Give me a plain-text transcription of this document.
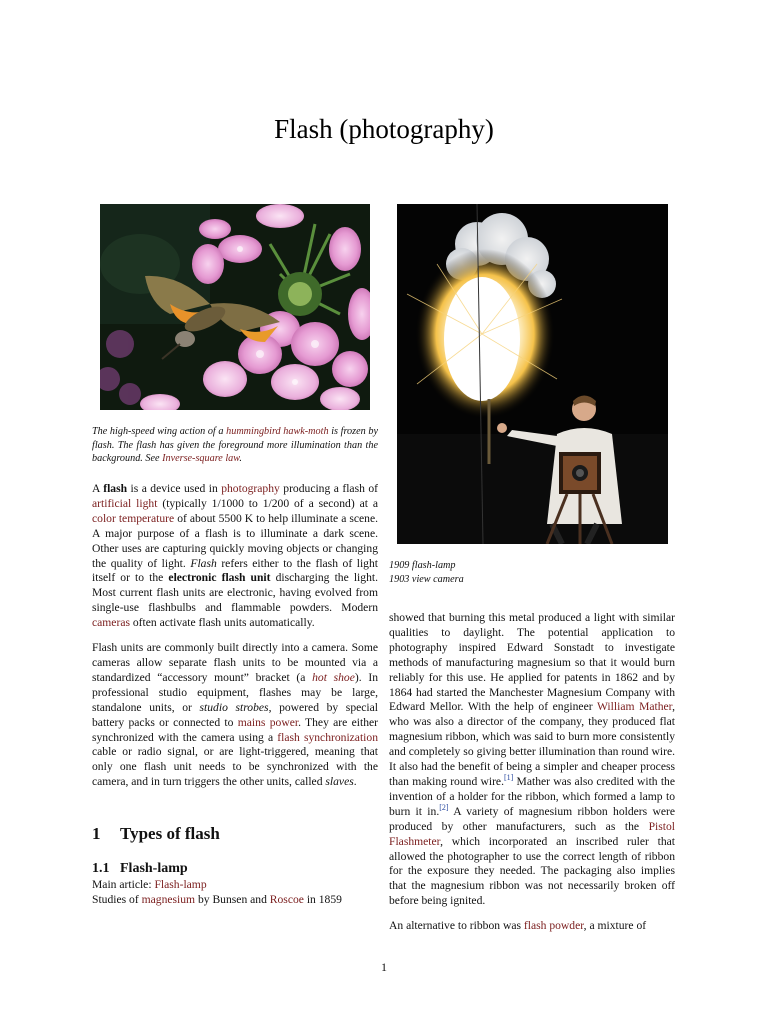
Flash (photography)
The high-speed wing action of a hummingbird hawk-moth is frozen by flash. The flash has given the foreground more illumination than the background. See Inverse-square law.
1909 flash-lamp
1903 view camera

A flash is a device used in photography producing a flash of artificial light (typically 1/1000 to 1/200 of a second) at a color temperature of about 5500 K to help illuminate a scene. A major purpose of a flash is to illuminate a dark scene. Other uses are capturing quickly moving objects or changing the quality of light. Flash refers either to the flash of light itself or to the electronic flash unit discharging the light. Most current flash units are electronic, having evolved from single-use flashbulbs and flammable powders. Modern cameras often activate flash units automatically.

Flash units are commonly built directly into a camera. Some cameras allow separate flash units to be mounted via a standardized “accessory mount” bracket (a hot shoe). In professional studio equipment, flashes may be large, standalone units, or studio strobes, powered by special battery packs or connected to mains power. They are either synchronized with the camera using a flash synchronization cable or radio signal, or are light-triggered, meaning that only one flash unit needs to be synchronized with the camera, and in turn triggers the other units, called slaves.

1 Types of flash
1.1 Flash-lamp

Main article: Flash-lamp
Studies of magnesium by Bunsen and Roscoe in 1859

showed that burning this metal produced a light with similar qualities to daylight. The potential application to photography inspired Edward Sonstadt to investigate methods of manufacturing magnesium so that it would burn reliably for this use. He applied for patents in 1862 and by 1864 had started the Manchester Magnesium Company with Edward Mellor. With the help of engineer William Mather, who was also a director of the company, they produced flat magnesium ribbon, which was said to burn more consistently and completely so giving better illumination than round wire. It also had the benefit of being a simpler and cheaper process than making round wire.[1] Mather was also credited with the invention of a holder for the ribbon, which formed a lamp to burn it in.[2] A variety of magnesium ribbon holders were produced by other manufacturers, such as the Pistol Flashmeter, which incorporated an inscribed ruler that allowed the photographer to use the correct length of ribbon for the exposure they needed. The packaging also implies that the magnesium ribbon was not necessarily broken off before being ignited.

An alternative to ribbon was flash powder, a mixture of

1
